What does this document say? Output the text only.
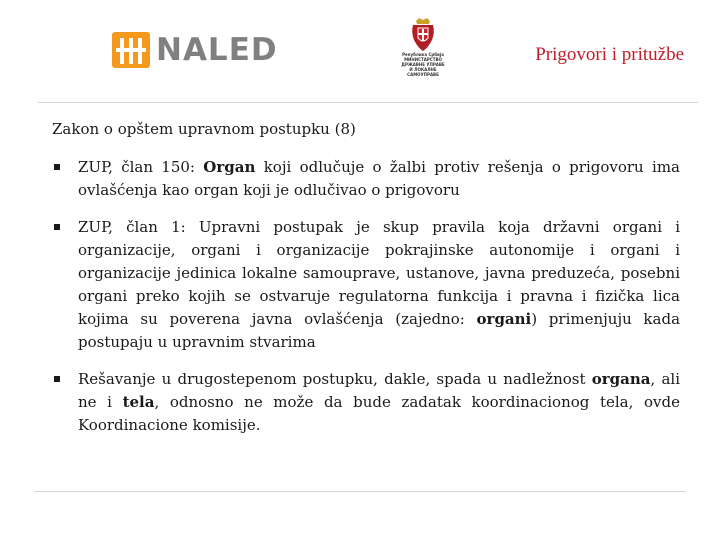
NALED	Република Србија
МИНИСТАРСТВО
ДРЖАВНЕ УПРАВЕ
И ЛОКАЛНЕ
САМОУПРАВЕ
Prigovori i pritužbe
Zakon o opštem upravnom postupku (8)
ZUP, član 150: Organ koji odlučuje o žalbi protiv rešenja o prigovoru ima ovlašćenja kao organ koji je odlučivao o prigovoru
ZUP, član 1: Upravni postupak je skup pravila koja državni organi i organizacije, organi i organizacije pokrajinske autonomije i organi i organizacije jedinica lokalne samouprave, ustanove, javna preduzeća, posebni organi preko kojih se ostvaruje regulatorna funkcija i pravna i fizička lica kojima su poverena javna ovlašćenja (zajedno: organi) primenjuju kada postupaju u upravnim stvarima
Rešavanje u drugostepenom postupku, dakle, spada u nadležnost organa, ali ne i tela, odnosno ne može da bude zadatak koordinacionog tela, ovde Koordinacione komisije.
